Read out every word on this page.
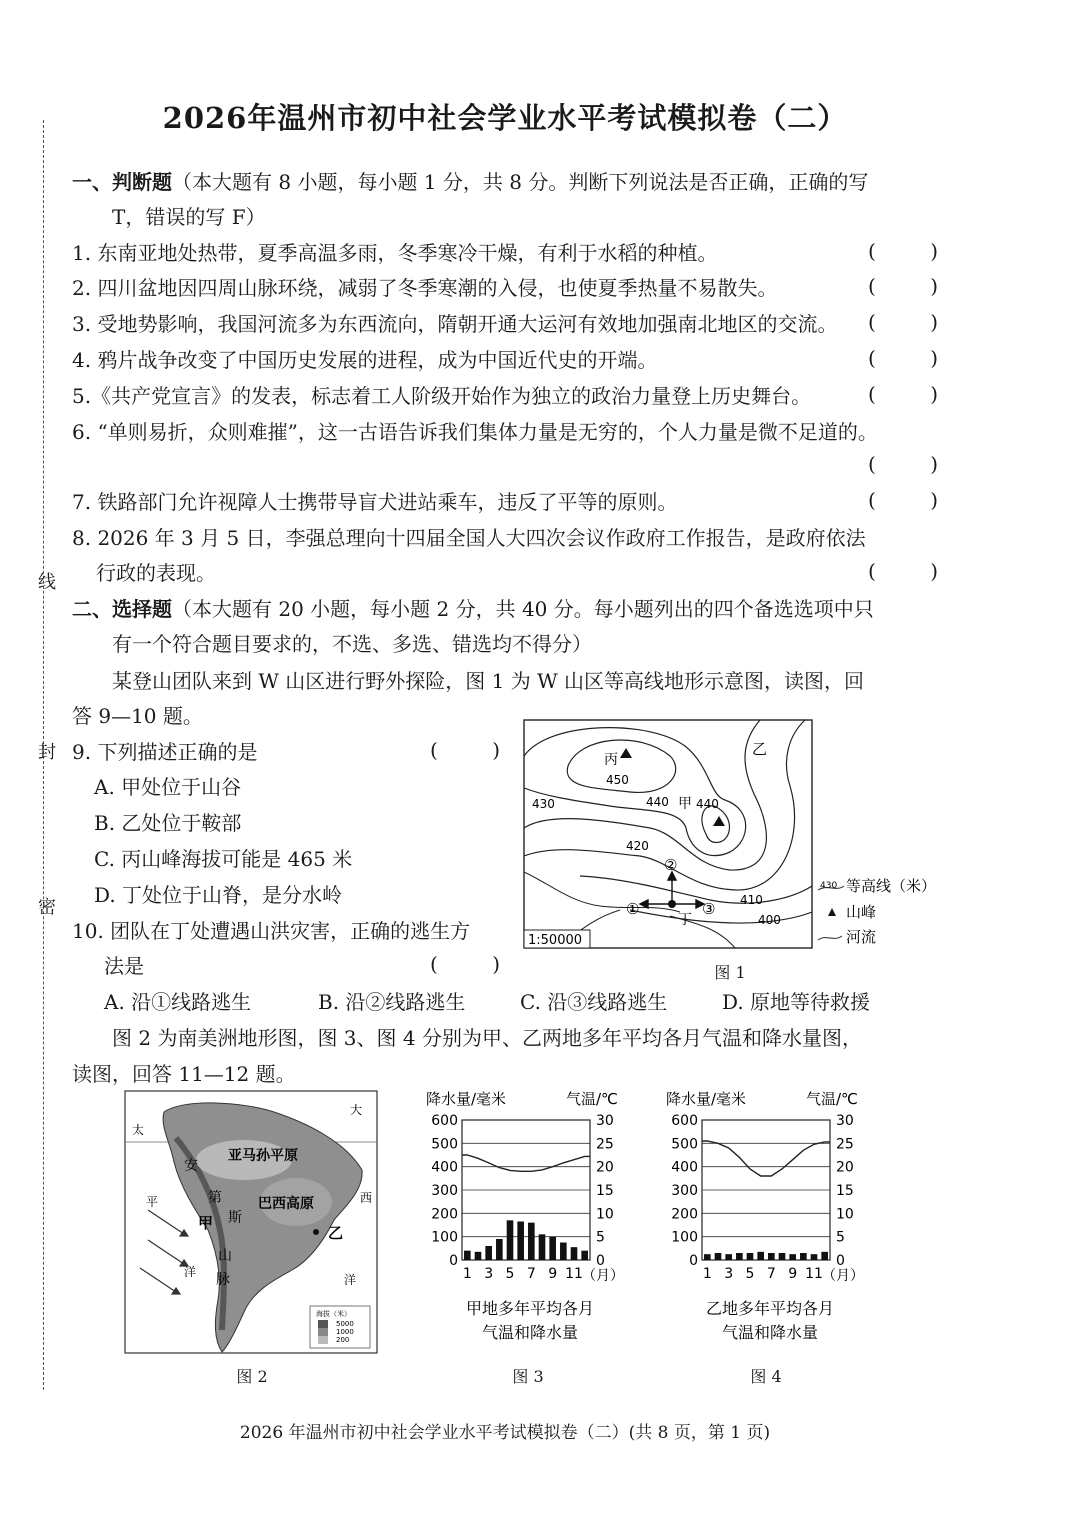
线
封
密
2026年温州市初中社会学业水平考试模拟卷（二）
一、判断题（本大题有 8 小题，每小题 1 分，共 8 分。判断下列说法是否正确，正确的写
T，错误的写 F）
1. 东南亚地处热带，夏季高温多雨，冬季寒冷干燥，有利于水稻的种植。	(	)
2. 四川盆地因四周山脉环绕，减弱了冬季寒潮的入侵，也使夏季热量不易散失。	(	)
3. 受地势影响，我国河流多为东西流向，隋朝开通大运河有效地加强南北地区的交流。 (	)
4. 鸦片战争改变了中国历史发展的进程，成为中国近代史的开端。	(	)
5.《共产党宣言》的发表，标志着工人阶级开始作为独立的政治力量登上历史舞台。	(	)
6. “单则易折，众则难摧”，这一古语告诉我们集体力量是无穷的，个人力量是微不足道的。
(	)
7. 铁路部门允许视障人士携带导盲犬进站乘车，违反了平等的原则。	(	)
8. 2026 年 3 月 5 日，李强总理向十四届全国人大四次会议作政府工作报告，是政府依法
行政的表现。	(	)
二、选择题（本大题有 20 小题，每小题 2 分，共 40 分。每小题列出的四个备选选项中只
有一个符合题目要求的，不选、多选、错选均不得分）
某登山团队来到 W 山区进行野外探险，图 1 为 W 山区等高线地形示意图，读图，回
答 9—10 题。
9. 下列描述正确的是	(	)
A. 甲处位于山谷
B. 乙处位于鞍部
C. 丙山峰海拔可能是 465 米
D. 丁处位于山脊，是分水岭
10. 团队在丁处遭遇山洪灾害，正确的逃生方
法是	(	)
A. 沿①线路逃生	B. 沿②线路逃生	C. 沿③线路逃生	D. 原地等待救援
丙
乙
甲
丁
450
440 440
430
420
410
400
①
②
③
1:50000
430 等高线（米）
山峰
河流
图 1
图 2 为南美洲地形图，图 3、图 4 分别为甲、乙两地多年平均各月气温和降水量图，
读图，回答 11—12 题。
亚马孙平原
巴西高原
安
第
斯
山
脉
甲
乙
太
平
洋
大
西
洋
海拔（米）
5000
1000
200
图 2
降水量/毫米	气温/℃
600	30
500	25
400	20
300	15
200	10
100	5
0	0
1 3 5 7 9 11 （月）
甲地多年平均各月
气温和降水量
降水量/毫米	气温/℃
600	30
500	25
400	20
300	15
200	10
100	5
0	0
1 3 5 7 9 11 （月）
乙地多年平均各月
气温和降水量
图 3	图 4
2026 年温州市初中社会学业水平考试模拟卷（二）(共 8 页，第 1 页)
